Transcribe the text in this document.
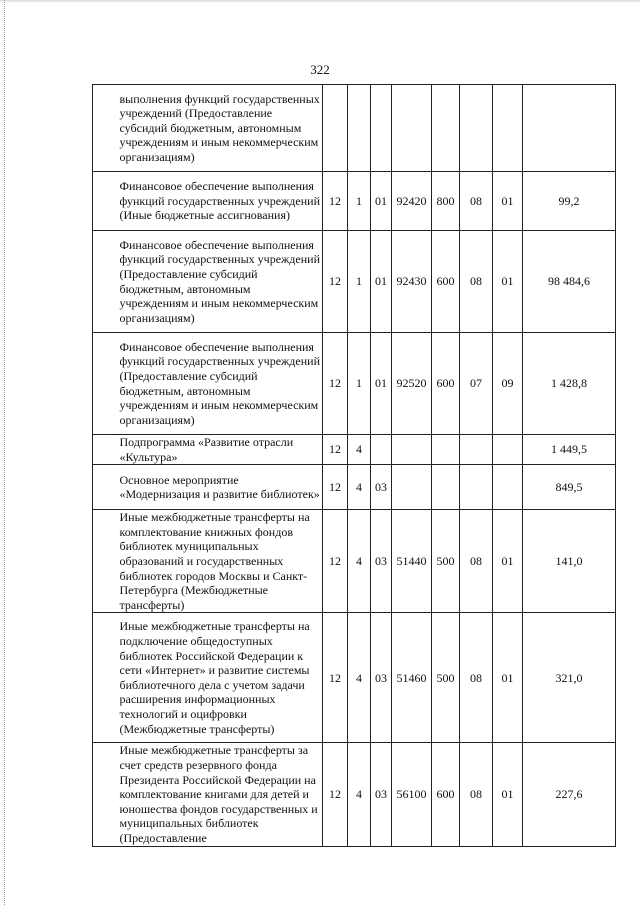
322
	выполнения функций государственных учреждений (Предоставление субсидий бюджетным, автономным учреждениям и иным некоммерческим организациям)								
	Финансовое обеспечение выполнения функций государственных учреждений (Иные бюджетные ассигнования)	12	1	01	92420	800	08	01	99,2
	Финансовое обеспечение выполнения функций государственных учреждений (Предоставление субсидий бюджетным, автономным учреждениям и иным некоммерческим организациям)	12	1	01	92430	600	08	01	98 484,6
	Финансовое обеспечение выполнения функций государственных учреждений (Предоставление субсидий бюджетным, автономным учреждениям и иным некоммерческим организациям)	12	1	01	92520	600	07	09	1 428,8
	Подпрограмма «Развитие отрасли «Культура»	12	4						1 449,5
	Основное мероприятие «Модернизация и развитие библиотек»	12	4	03					849,5
	Иные межбюджетные трансферты на комплектование книжных фондов библиотек муниципальных образований и государственных библиотек городов Москвы и Санкт-Петербурга (Межбюджетные трансферты)	12	4	03	51440	500	08	01	141,0
	Иные межбюджетные трансферты на подключение общедоступных библиотек Российской Федерации к сети «Интернет» и развитие системы библиотечного дела с учетом задачи расширения информационных технологий и оцифровки (Межбюджетные трансферты)	12	4	03	51460	500	08	01	321,0
	Иные межбюджетные трансферты за счет средств резервного фонда Президента Российской Федерации на комплектование книгами для детей и юношества фондов государственных и муниципальных библиотек (Предоставление	12	4	03	56100	600	08	01	227,6
